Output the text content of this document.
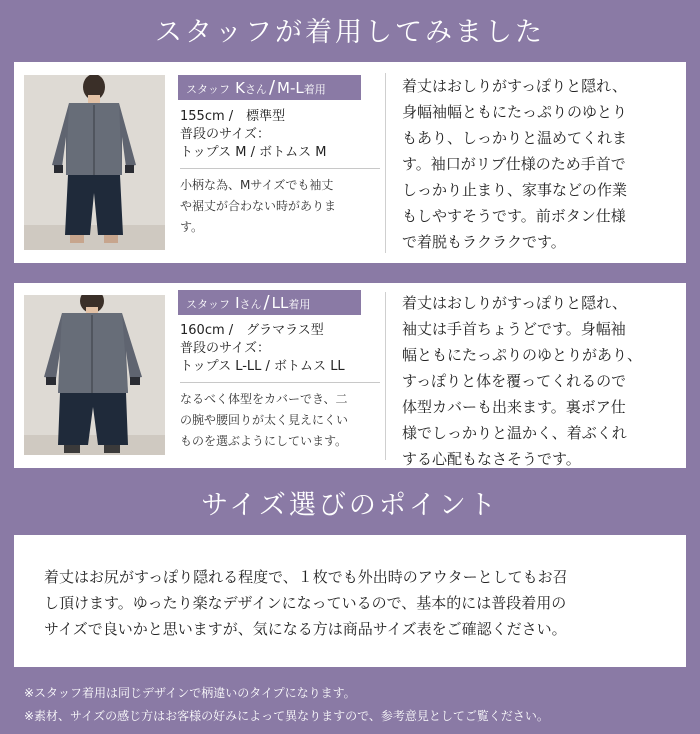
スタッフが着用してみました
スタッフ Kさん / M-L着用
155cm /　標準型
普段のサイズ：
トップス M / ボトムス M
小柄な為、Mサイズでも袖丈
や裾丈が合わない時がありま
す。
着丈はおしりがすっぽりと隠れ、
身幅袖幅ともにたっぷりのゆとり
もあり、しっかりと温めてくれま
す。袖口がリブ仕様のため手首で
しっかり止まり、家事などの作業
もしやすそうです。前ボタン仕様
で着脱もラクラクです。
スタッフ Iさん / LL着用
160cm /　グラマラス型
普段のサイズ：
トップス L-LL / ボトムス LL
なるべく体型をカバーでき、二
の腕や腰回りが太く見えにくい
ものを選ぶようにしています。
着丈はおしりがすっぽりと隠れ、
袖丈は手首ちょうどです。身幅袖
幅ともにたっぷりのゆとりがあり、
すっぽりと体を覆ってくれるので
体型カバーも出来ます。裏ボア仕
様でしっかりと温かく、着ぶくれ
する心配もなさそうです。
サイズ選びのポイント
着丈はお尻がすっぽり隠れる程度で、１枚でも外出時のアウターとしてもお召
し頂けます。ゆったり楽なデザインになっているので、基本的には普段着用の
サイズで良いかと思いますが、気になる方は商品サイズ表をご確認ください。
※スタッフ着用は同じデザインで柄違いのタイプになります。
※素材、サイズの感じ方はお客様の好みによって異なりますので、参考意見としてご覧ください。
